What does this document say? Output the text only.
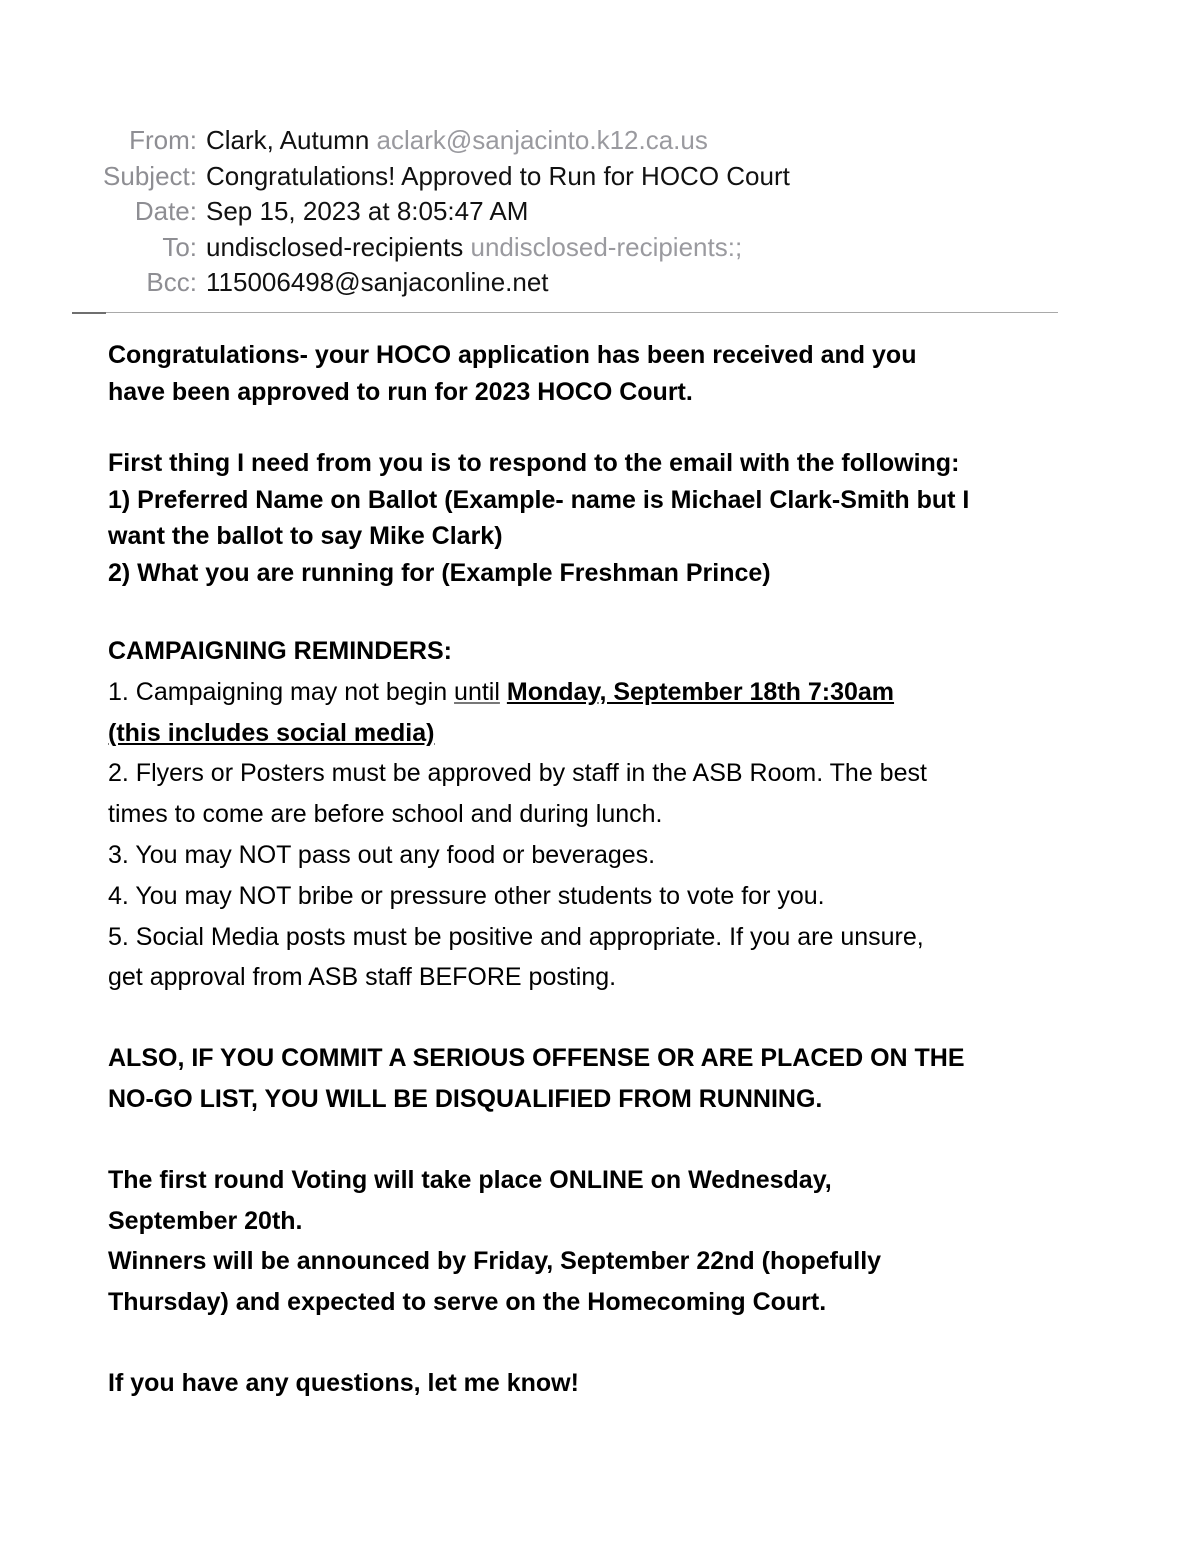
From: Clark, Autumn aclark@sanjacinto.k12.ca.us
Subject: Congratulations! Approved to Run for HOCO Court
Date: Sep 15, 2023 at 8:05:47 AM
To: undisclosed-recipients undisclosed-recipients:;
Bcc: 115006498@sanjaconline.net
Congratulations- your HOCO application has been received and you
have been approved to run for 2023 HOCO Court.
First thing I need from you is to respond to the email with the following:
1) Preferred Name on Ballot (Example- name is Michael Clark-Smith but I
want the ballot to say Mike Clark)
2) What you are running for (Example Freshman Prince)
CAMPAIGNING REMINDERS:
1. Campaigning may not begin until Monday, September 18th 7:30am
(this includes social media)
2. Flyers or Posters must be approved by staff in the ASB Room. The best
times to come are before school and during lunch.
3. You may NOT pass out any food or beverages.
4. You may NOT bribe or pressure other students to vote for you.
5. Social Media posts must be positive and appropriate. If you are unsure,
get approval from ASB staff BEFORE posting.
ALSO, IF YOU COMMIT A SERIOUS OFFENSE OR ARE PLACED ON THE
NO-GO LIST, YOU WILL BE DISQUALIFIED FROM RUNNING.
The first round Voting will take place ONLINE on Wednesday,
September 20th.
Winners will be announced by Friday, September 22nd (hopefully
Thursday) and expected to serve on the Homecoming Court.
If you have any questions, let me know!
